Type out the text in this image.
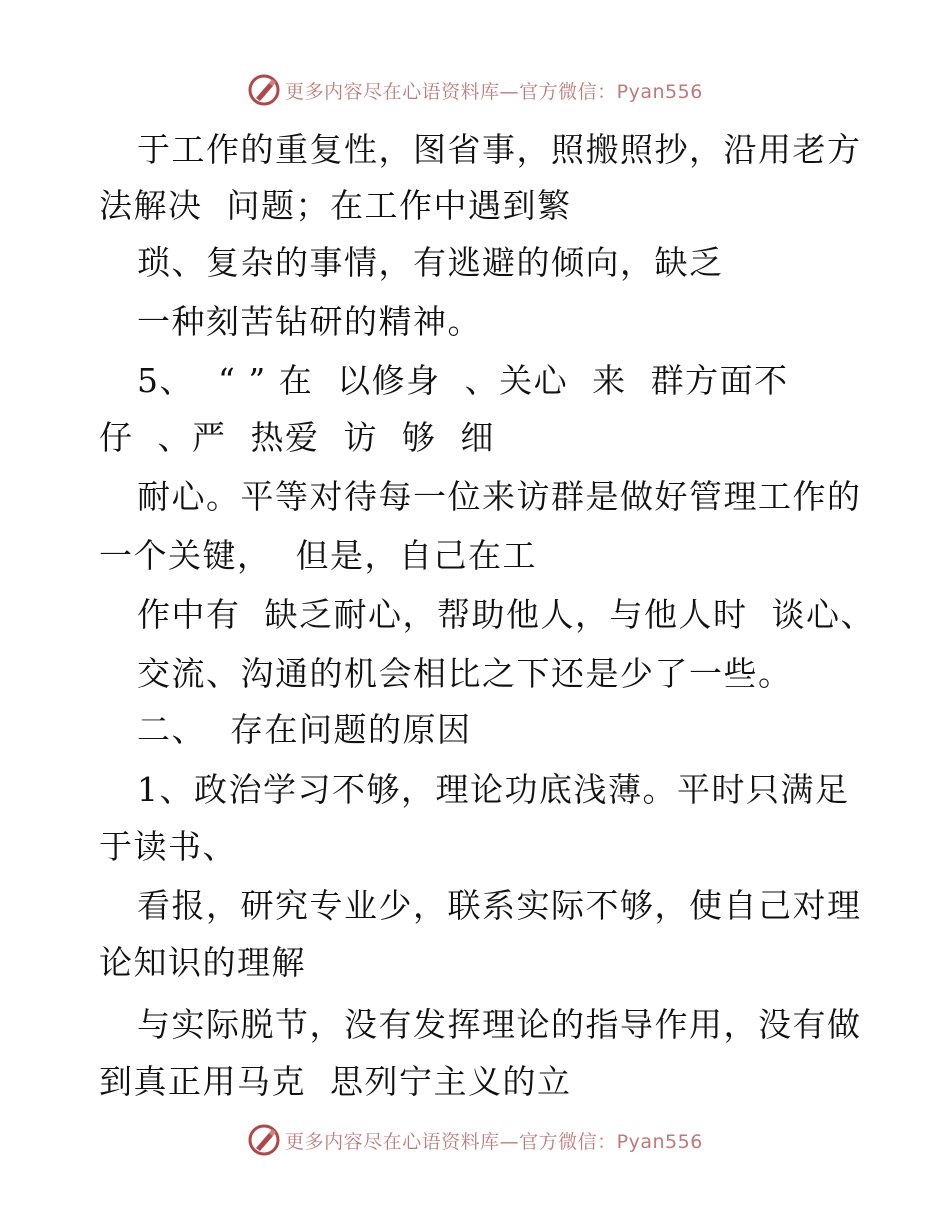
更多内容尽在心语资料库—官方微信：Pyan556
于工作的重复性，图省事，照搬照抄，沿用老方
法解决  问题；在工作中遇到繁
琐、复杂的事情，有逃避的倾向，缺乏
一种刻苦钻研的精神。
5、  “ ” 在  以修身  、关心  来  群方面不
仔  、严  热爱  访  够  细
耐心。平等对待每一位来访群是做好管理工作的
一个关键，  但是，自己在工
作中有  缺乏耐心，帮助他人，与他人时  谈心、
交流、沟通的机会相比之下还是少了一些。
二、  存在问题的原因
1、政治学习不够，理论功底浅薄。平时只满足
于读书、
看报，研究专业少，联系实际不够，使自己对理
论知识的理解
与实际脱节，没有发挥理论的指导作用，没有做
到真正用马克  思列宁主义的立
更多内容尽在心语资料库—官方微信：Pyan556
